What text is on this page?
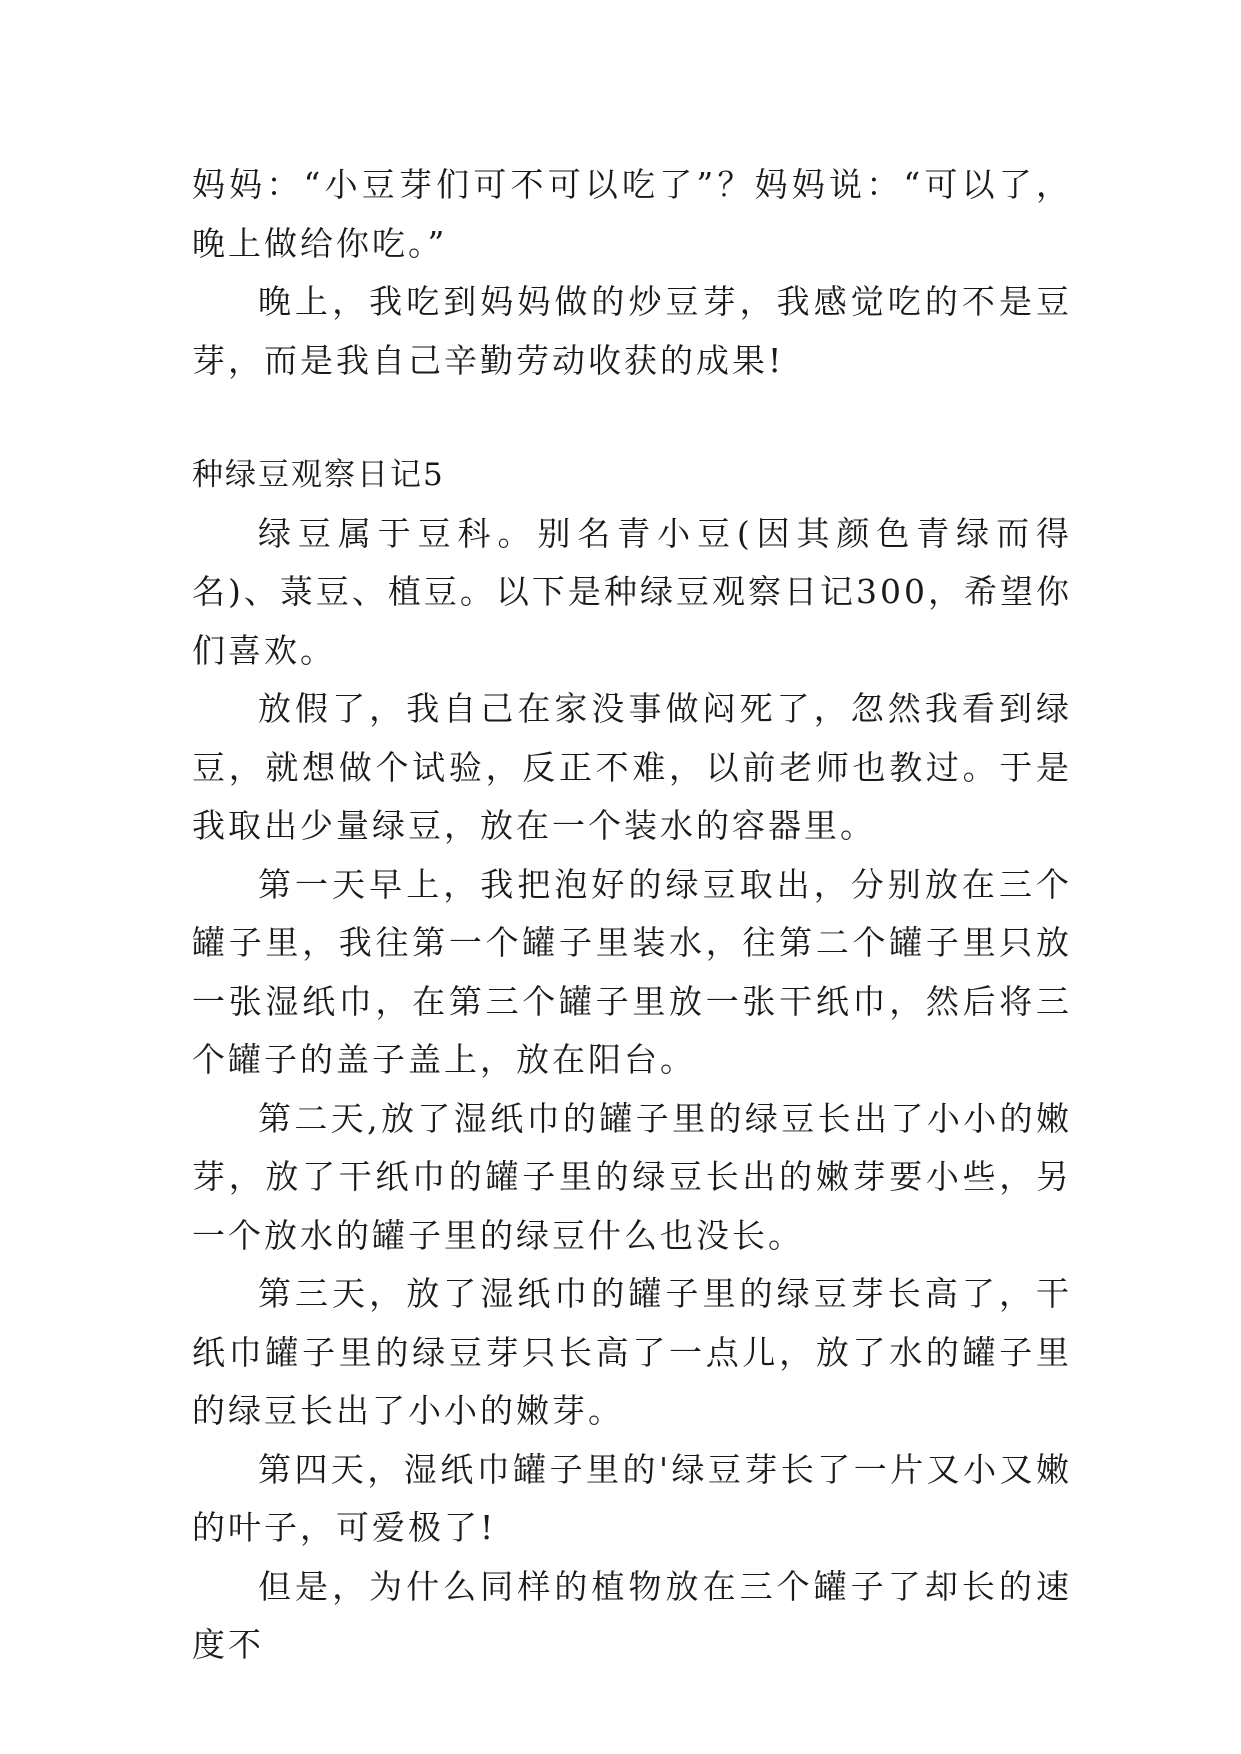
妈妈：“小豆芽们可不可以吃了”？妈妈说：“可以了，晚上做给你吃。”

晚上，我吃到妈妈做的炒豆芽，我感觉吃的不是豆芽，而是我自己辛勤劳动收获的成果!

种绿豆观察日记5

绿豆属于豆科。别名青小豆(因其颜色青绿而得名)、菉豆、植豆。以下是种绿豆观察日记300，希望你们喜欢。

放假了，我自己在家没事做闷死了，忽然我看到绿豆，就想做个试验，反正不难，以前老师也教过。于是我取出少量绿豆，放在一个装水的容器里。

第一天早上，我把泡好的绿豆取出，分别放在三个罐子里，我往第一个罐子里装水，往第二个罐子里只放一张湿纸巾，在第三个罐子里放一张干纸巾，然后将三个罐子的盖子盖上，放在阳台。

第二天,放了湿纸巾的罐子里的绿豆长出了小小的嫩芽，放了干纸巾的罐子里的绿豆长出的嫩芽要小些，另一个放水的罐子里的绿豆什么也没长。

第三天，放了湿纸巾的罐子里的绿豆芽长高了，干纸巾罐子里的绿豆芽只长高了一点儿，放了水的罐子里的绿豆长出了小小的嫩芽。

第四天，湿纸巾罐子里的'绿豆芽长了一片又小又嫩的叶子，可爱极了!

但是，为什么同样的植物放在三个罐子了却长的速度不
